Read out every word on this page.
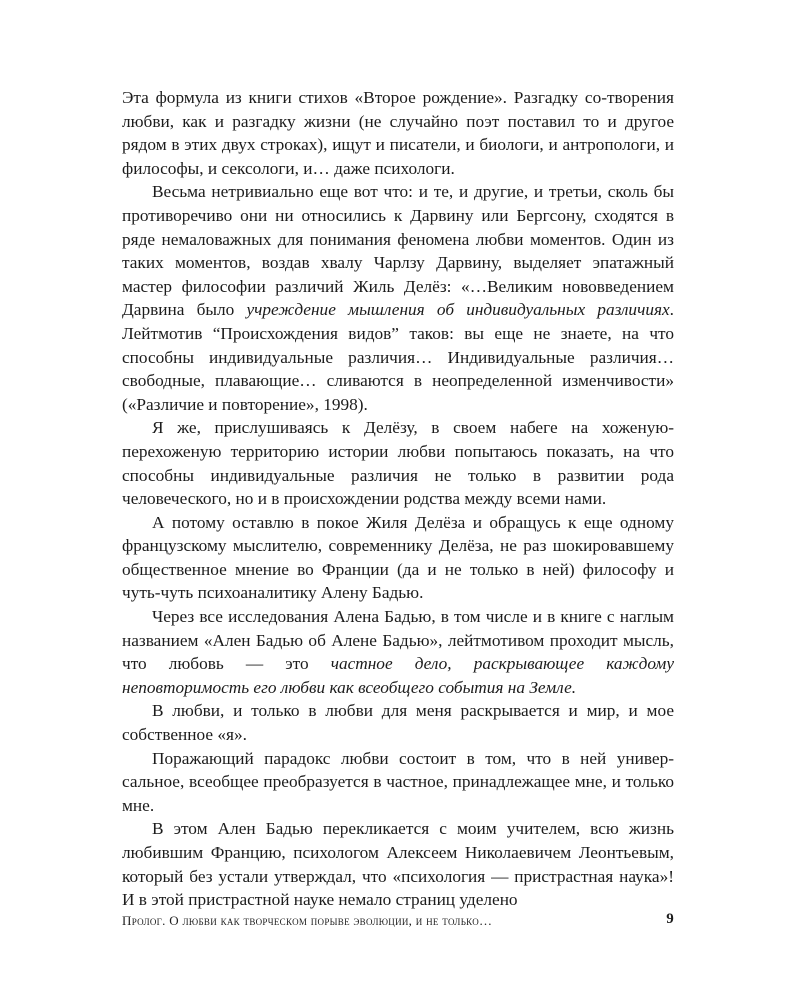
Эта формула из книги стихов «Второе рождение». Разгадку со-творения любви, как и разгадку жизни (не случайно поэт поставил то и другое рядом в этих двух строках), ищут и писатели, и биологи, и антропологи, и философы, и сексологи, и… даже психологи.

Весьма нетривиально еще вот что: и те, и другие, и третьи, сколь бы противоречиво они ни относились к Дарвину или Бергсону, сходятся в ряде немаловажных для понимания феномена любви моментов. Один из таких моментов, воздав хвалу Чарлзу Дарвину, выделяет эпатажный мастер философии различий Жиль Делёз: «…Великим нововведением Дарвина было учреждение мышления об индивидуальных различиях. Лейтмотив “Происхождения видов” таков: вы еще не знаете, на что способны индивидуальные различия… Индивидуальные различия… свободные, плавающие… сливаются в неопределенной изменчивости» («Различие и повторение», 1998).

Я же, прислушиваясь к Делёзу, в своем набеге на хоженую-перехоженую территорию истории любви попытаюсь показать, на что способны индивидуальные различия не только в развитии рода человеческого, но и в происхождении родства между всеми нами.

А потому оставлю в покое Жиля Делёза и обращусь к еще одному французскому мыслителю, современнику Делёза, не раз шокировавшему общественное мнение во Франции (да и не только в ней) философу и чуть-чуть психоаналитику Алену Бадью.

Через все исследования Алена Бадью, в том числе и в книге с наглым названием «Ален Бадью об Алене Бадью», лейтмотивом проходит мысль, что любовь — это частное дело, раскрывающее каждому неповторимость его любви как всеобщего события на Земле.

В любви, и только в любви для меня раскрывается и мир, и мое собственное «я».

Поражающий парадокс любви состоит в том, что в ней универсальное, всеобщее преобразуется в частное, принадлежащее мне, и только мне.

В этом Ален Бадью перекликается с моим учителем, всю жизнь любившим Францию, психологом Алексеем Николаевичем Леонтьевым, который без устали утверждал, что «психология — пристрастная наука»! И в этой пристрастной науке немало страниц уделено

Пролог. О любви как творческом порыве эволюции, и не только…	9
